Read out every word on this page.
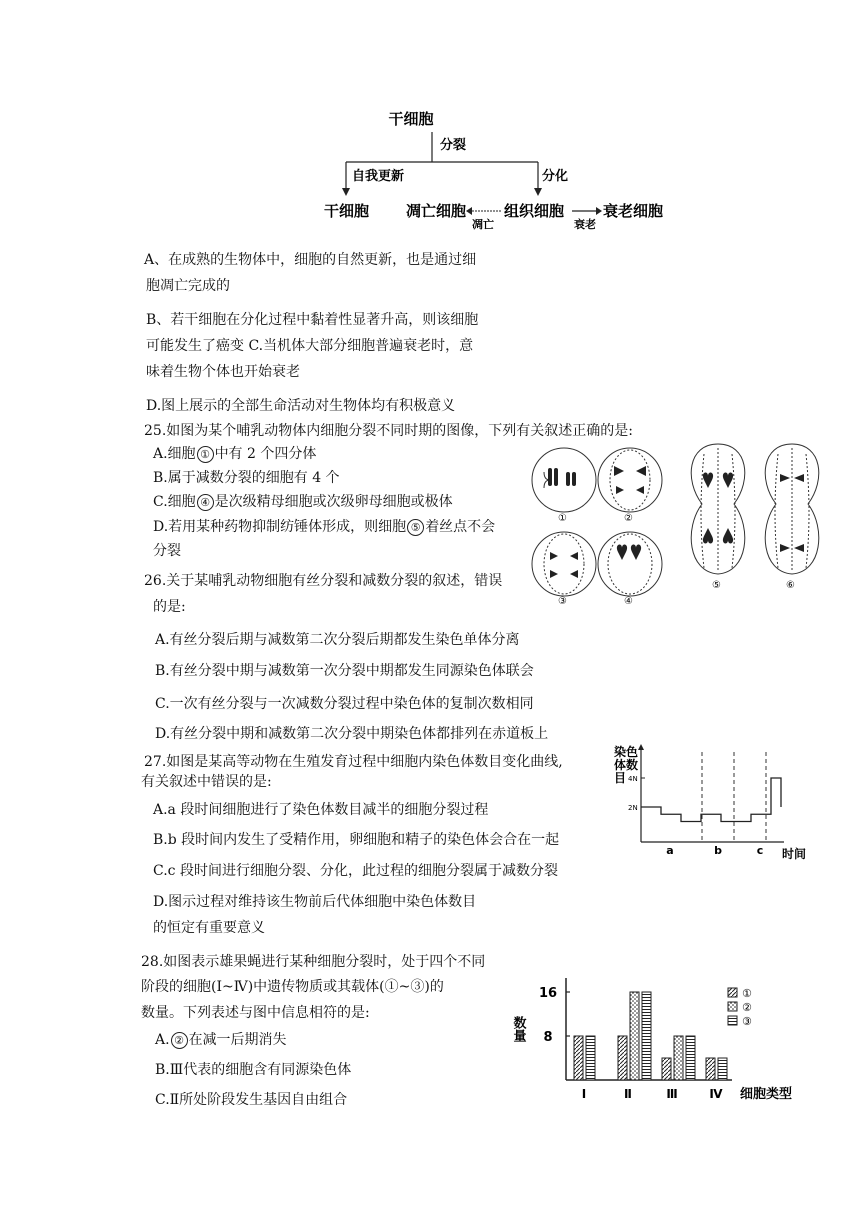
干细胞
分裂
自我更新	分化
干细胞 凋亡细胞
凋亡
组织细胞
衰老
衰老细胞
A、在成熟的生物体中，细胞的自然更新，也是通过细
胞凋亡完成的
B、若干细胞在分化过程中黏着性显著升高，则该细胞
可能发生了癌变 C.当机体大部分细胞普遍衰老时，意
味着生物个体也开始衰老
D.图上展示的全部生命活动对生物体均有积极意义
25.如图为某个哺乳动物体内细胞分裂不同时期的图像，下列有关叙述正确的是:
A.细胞 ① 中有 2 个四分体
B.属于减数分裂的细胞有 4 个
C.细胞 ④ 是次级精母细胞或次级卵母细胞或极体
D.若用某种药物抑制纺锤体形成，则细胞 ⑤ 着丝点不会
分裂
①	②
⑤	⑥
③	④
26.关于某哺乳动物细胞有丝分裂和减数分裂的叙述，错误
的是:
A.有丝分裂后期与减数第二次分裂后期都发生染色单体分离
B.有丝分裂中期与减数第一次分裂中期都发生同源染色体联会
C.一次有丝分裂与一次减数分裂过程中染色体的复制次数相同
D.有丝分裂中期和减数第二次分裂中期染色体都排列在赤道板上
27.如图是某高等动物在生殖发育过程中细胞内染色体数目变化曲线,
有关叙述中错误的是:
A.a 段时间细胞进行了染色体数目减半的细胞分裂过程
B.b 段时间内发生了受精作用，卵细胞和精子的染色体会合在一起
C.c 段时间进行细胞分裂、分化，此过程的细胞分裂属于减数分裂
D.图示过程对维持该生物前后代体细胞中染色体数目
的恒定有重要意义
染色体数目 4N
2N
a	b	c 时间
28.如图表示雄果蝇进行某种细胞分裂时，处于四个不同
阶段的细胞(Ⅰ~Ⅳ)中遗传物质或其载体(①~③)的
数量。下列表述与图中信息相符的是:
A. ② 在减一后期消失
B.Ⅲ代表的细胞含有同源染色体
C.Ⅱ所处阶段发生基因自由组合
数量 8
16
Ⅰ	Ⅱ	Ⅲ	Ⅳ
①
②
③
细胞类型
